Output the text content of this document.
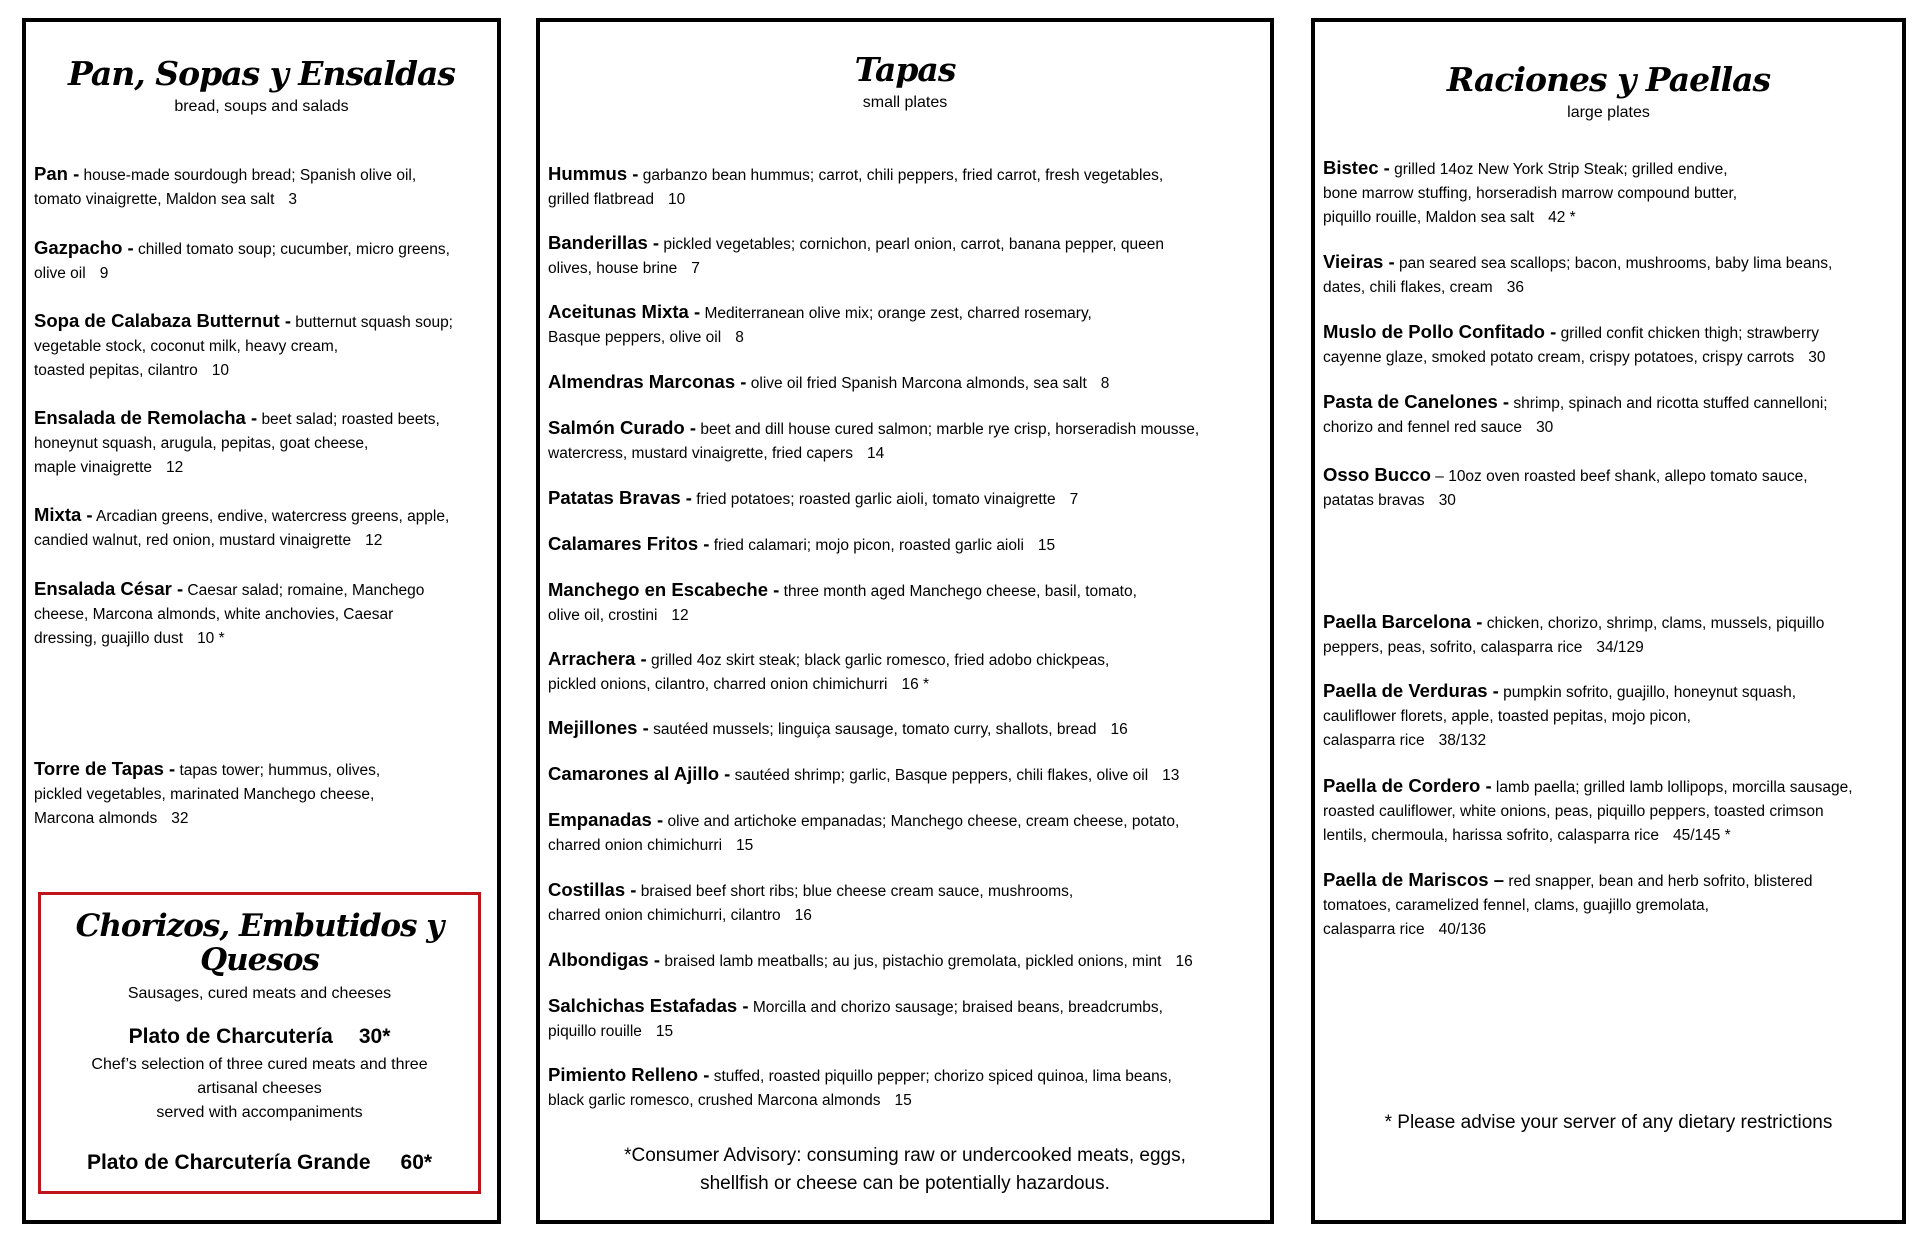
Pan, Sopas y Ensaldas

bread, soups and salads

Pan - house-made sourdough bread; Spanish olive oil,
tomato vinaigrette, Maldon sea salt 3

Gazpacho - chilled tomato soup; cucumber, micro greens,
olive oil 9

Sopa de Calabaza Butternut - butternut squash soup;
vegetable stock, coconut milk, heavy cream,
toasted pepitas, cilantro 10

Ensalada de Remolacha - beet salad; roasted beets,
honeynut squash, arugula, pepitas, goat cheese,
maple vinaigrette 12

Mixta - Arcadian greens, endive, watercress greens, apple,
candied walnut, red onion, mustard vinaigrette 12

Ensalada César - Caesar salad; romaine, Manchego
cheese, Marcona almonds, white anchovies, Caesar
dressing, guajillo dust 10 *

Torre de Tapas - tapas tower; hummus, olives,
pickled vegetables, marinated Manchego cheese,
Marcona almonds 32

Chorizos, Embutidos y Quesos

Sausages, cured meats and cheeses

Plato de Charcutería 30*
Chef’s selection of three cured meats and three
artisanal cheeses
served with accompaniments
Plato de Charcutería Grande 60*
Tapas

small plates

Hummus - garbanzo bean hummus; carrot, chili peppers, fried carrot, fresh vegetables,
grilled flatbread 10

Banderillas - pickled vegetables; cornichon, pearl onion, carrot, banana pepper, queen
olives, house brine 7

Aceitunas Mixta - Mediterranean olive mix; orange zest, charred rosemary,
Basque peppers, olive oil 8

Almendras Marconas - olive oil fried Spanish Marcona almonds, sea salt 8

Salmón Curado - beet and dill house cured salmon; marble rye crisp, horseradish mousse,
watercress, mustard vinaigrette, fried capers 14

Patatas Bravas - fried potatoes; roasted garlic aioli, tomato vinaigrette 7

Calamares Fritos - fried calamari; mojo picon, roasted garlic aioli 15

Manchego en Escabeche - three month aged Manchego cheese, basil, tomato,
olive oil, crostini 12

Arrachera - grilled 4oz skirt steak; black garlic romesco, fried adobo chickpeas,
pickled onions, cilantro, charred onion chimichurri 16 *

Mejillones - sautéed mussels; linguiça sausage, tomato curry, shallots, bread 16

Camarones al Ajillo - sautéed shrimp; garlic, Basque peppers, chili flakes, olive oil 13

Empanadas - olive and artichoke empanadas; Manchego cheese, cream cheese, potato,
charred onion chimichurri 15

Costillas - braised beef short ribs; blue cheese cream sauce, mushrooms,
charred onion chimichurri, cilantro 16

Albondigas - braised lamb meatballs; au jus, pistachio gremolata, pickled onions, mint 16

Salchichas Estafadas - Morcilla and chorizo sausage; braised beans, breadcrumbs,
piquillo rouille 15

Pimiento Relleno - stuffed, roasted piquillo pepper; chorizo spiced quinoa, lima beans,
black garlic romesco, crushed Marcona almonds 15

*Consumer Advisory: consuming raw or undercooked meats, eggs,
shellfish or cheese can be potentially hazardous.
Raciones y Paellas

large plates

Bistec - grilled 14oz New York Strip Steak; grilled endive,
bone marrow stuffing, horseradish marrow compound butter,
piquillo rouille, Maldon sea salt 42 *

Vieiras - pan seared sea scallops; bacon, mushrooms, baby lima beans,
dates, chili flakes, cream 36

Muslo de Pollo Confitado - grilled confit chicken thigh; strawberry
cayenne glaze, smoked potato cream, crispy potatoes, crispy carrots 30

Pasta de Canelones - shrimp, spinach and ricotta stuffed cannelloni;
chorizo and fennel red sauce 30

Osso Bucco – 10oz oven roasted beef shank, allepo tomato sauce,
patatas bravas 30

Paella Barcelona - chicken, chorizo, shrimp, clams, mussels, piquillo
peppers, peas, sofrito, calasparra rice 34/129

Paella de Verduras - pumpkin sofrito, guajillo, honeynut squash,
cauliflower florets, apple, toasted pepitas, mojo picon,
calasparra rice 38/132

Paella de Cordero - lamb paella; grilled lamb lollipops, morcilla sausage,
roasted cauliflower, white onions, peas, piquillo peppers, toasted crimson
lentils, chermoula, harissa sofrito, calasparra rice 45/145 *

Paella de Mariscos – red snapper, bean and herb sofrito, blistered
tomatoes, caramelized fennel, clams, guajillo gremolata,
calasparra rice 40/136

* Please advise your server of any dietary restrictions
